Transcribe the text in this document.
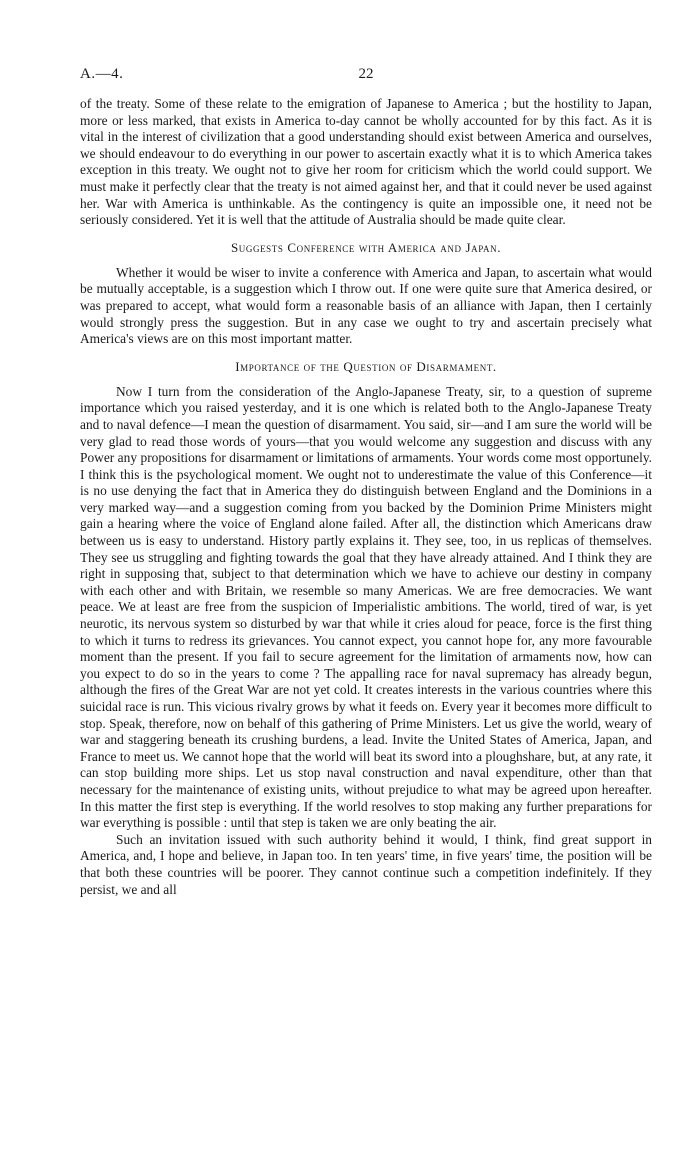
A.—4.	22

of the treaty. Some of these relate to the emigration of Japanese to America ; but the hostility to Japan, more or less marked, that exists in America to-day cannot be wholly accounted for by this fact. As it is vital in the interest of civilization that a good understanding should exist between America and ourselves, we should endeavour to do everything in our power to ascertain exactly what it is to which America takes exception in this treaty. We ought not to give her room for criticism which the world could support. We must make it perfectly clear that the treaty is not aimed against her, and that it could never be used against her. War with America is unthinkable. As the contingency is quite an impossible one, it need not be seriously considered. Yet it is well that the attitude of Australia should be made quite clear.

Suggests Conference with America and Japan.

Whether it would be wiser to invite a conference with America and Japan, to ascertain what would be mutually acceptable, is a suggestion which I throw out. If one were quite sure that America desired, or was prepared to accept, what would form a reasonable basis of an alliance with Japan, then I certainly would strongly press the suggestion. But in any case we ought to try and ascertain precisely what America's views are on this most important matter.

Importance of the Question of Disarmament.

Now I turn from the consideration of the Anglo-Japanese Treaty, sir, to a question of supreme importance which you raised yesterday, and it is one which is related both to the Anglo-Japanese Treaty and to naval defence—I mean the question of disarmament. You said, sir—and I am sure the world will be very glad to read those words of yours—that you would welcome any suggestion and discuss with any Power any propositions for disarmament or limitations of armaments. Your words come most opportunely. I think this is the psychological moment. We ought not to underestimate the value of this Conference—it is no use denying the fact that in America they do distinguish between England and the Dominions in a very marked way—and a suggestion coming from you backed by the Dominion Prime Ministers might gain a hearing where the voice of England alone failed. After all, the distinction which Americans draw between us is easy to understand. History partly explains it. They see, too, in us replicas of themselves. They see us struggling and fighting towards the goal that they have already attained. And I think they are right in supposing that, subject to that determination which we have to achieve our destiny in company with each other and with Britain, we resemble so many Americas. We are free democracies. We want peace. We at least are free from the suspicion of Imperialistic ambitions. The world, tired of war, is yet neurotic, its nervous system so disturbed by war that while it cries aloud for peace, force is the first thing to which it turns to redress its grievances. You cannot expect, you cannot hope for, any more favourable moment than the present. If you fail to secure agreement for the limitation of armaments now, how can you expect to do so in the years to come ? The appalling race for naval supremacy has already begun, although the fires of the Great War are not yet cold. It creates interests in the various countries where this suicidal race is run. This vicious rivalry grows by what it feeds on. Every year it becomes more difficult to stop. Speak, therefore, now on behalf of this gathering of Prime Ministers. Let us give the world, weary of war and staggering beneath its crushing burdens, a lead. Invite the United States of America, Japan, and France to meet us. We cannot hope that the world will beat its sword into a ploughshare, but, at any rate, it can stop building more ships. Let us stop naval construction and naval expenditure, other than that necessary for the maintenance of existing units, without prejudice to what may be agreed upon hereafter. In this matter the first step is everything. If the world resolves to stop making any further preparations for war everything is possible : until that step is taken we are only beating the air.

Such an invitation issued with such authority behind it would, I think, find great support in America, and, I hope and believe, in Japan too. In ten years' time, in five years' time, the position will be that both these countries will be poorer. They cannot continue such a competition indefinitely. If they persist, we and all
